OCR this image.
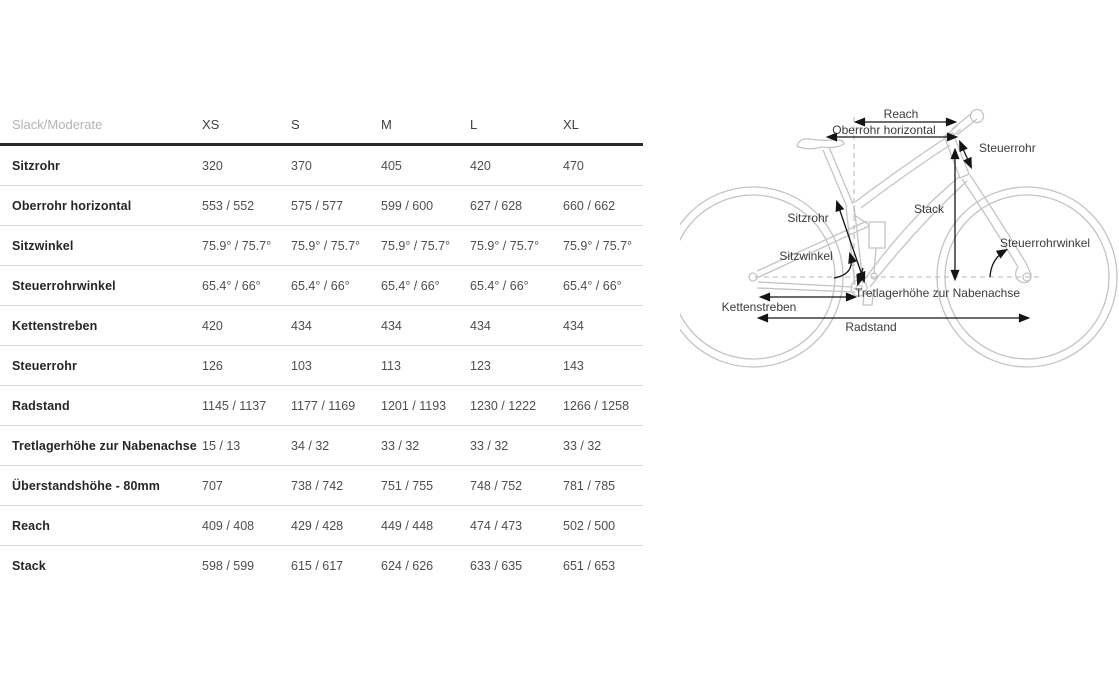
Slack/Moderate	XS	S	M	L	XL
Sitzrohr	320	370	405	420	470
Oberrohr horizontal	553 / 552	575 / 577	599 / 600	627 / 628	660 / 662
Sitzwinkel	75.9° / 75.7°	75.9° / 75.7°	75.9° / 75.7°	75.9° / 75.7°	75.9° / 75.7°
Steuerrohrwinkel	65.4° / 66°	65.4° / 66°	65.4° / 66°	65.4° / 66°	65.4° / 66°
Kettenstreben	420	434	434	434	434
Steuerrohr	126	103	113	123	143
Radstand	1145 / 1137	1177 / 1169	1201 / 1193	1230 / 1222	1266 / 1258
Tretlagerhöhe zur Nabenachse 15 / 13	34 / 32	33 / 32	33 / 32	33 / 32
Überstandshöhe - 80mm	707	738 / 742	751 / 755	748 / 752	781 / 785
Reach	409 / 408	429 / 428	449 / 448	474 / 473	502 / 500
Stack	598 / 599	615 / 617	624 / 626	633 / 635	651 / 653
Reach
Oberrohr horizontal
Steuerrohr
Stack
Sitzrohr
Sitzwinkel
Steuerrohrwinkel
Tretlagerhöhe zur Nabenachse
Kettenstreben
Radstand
